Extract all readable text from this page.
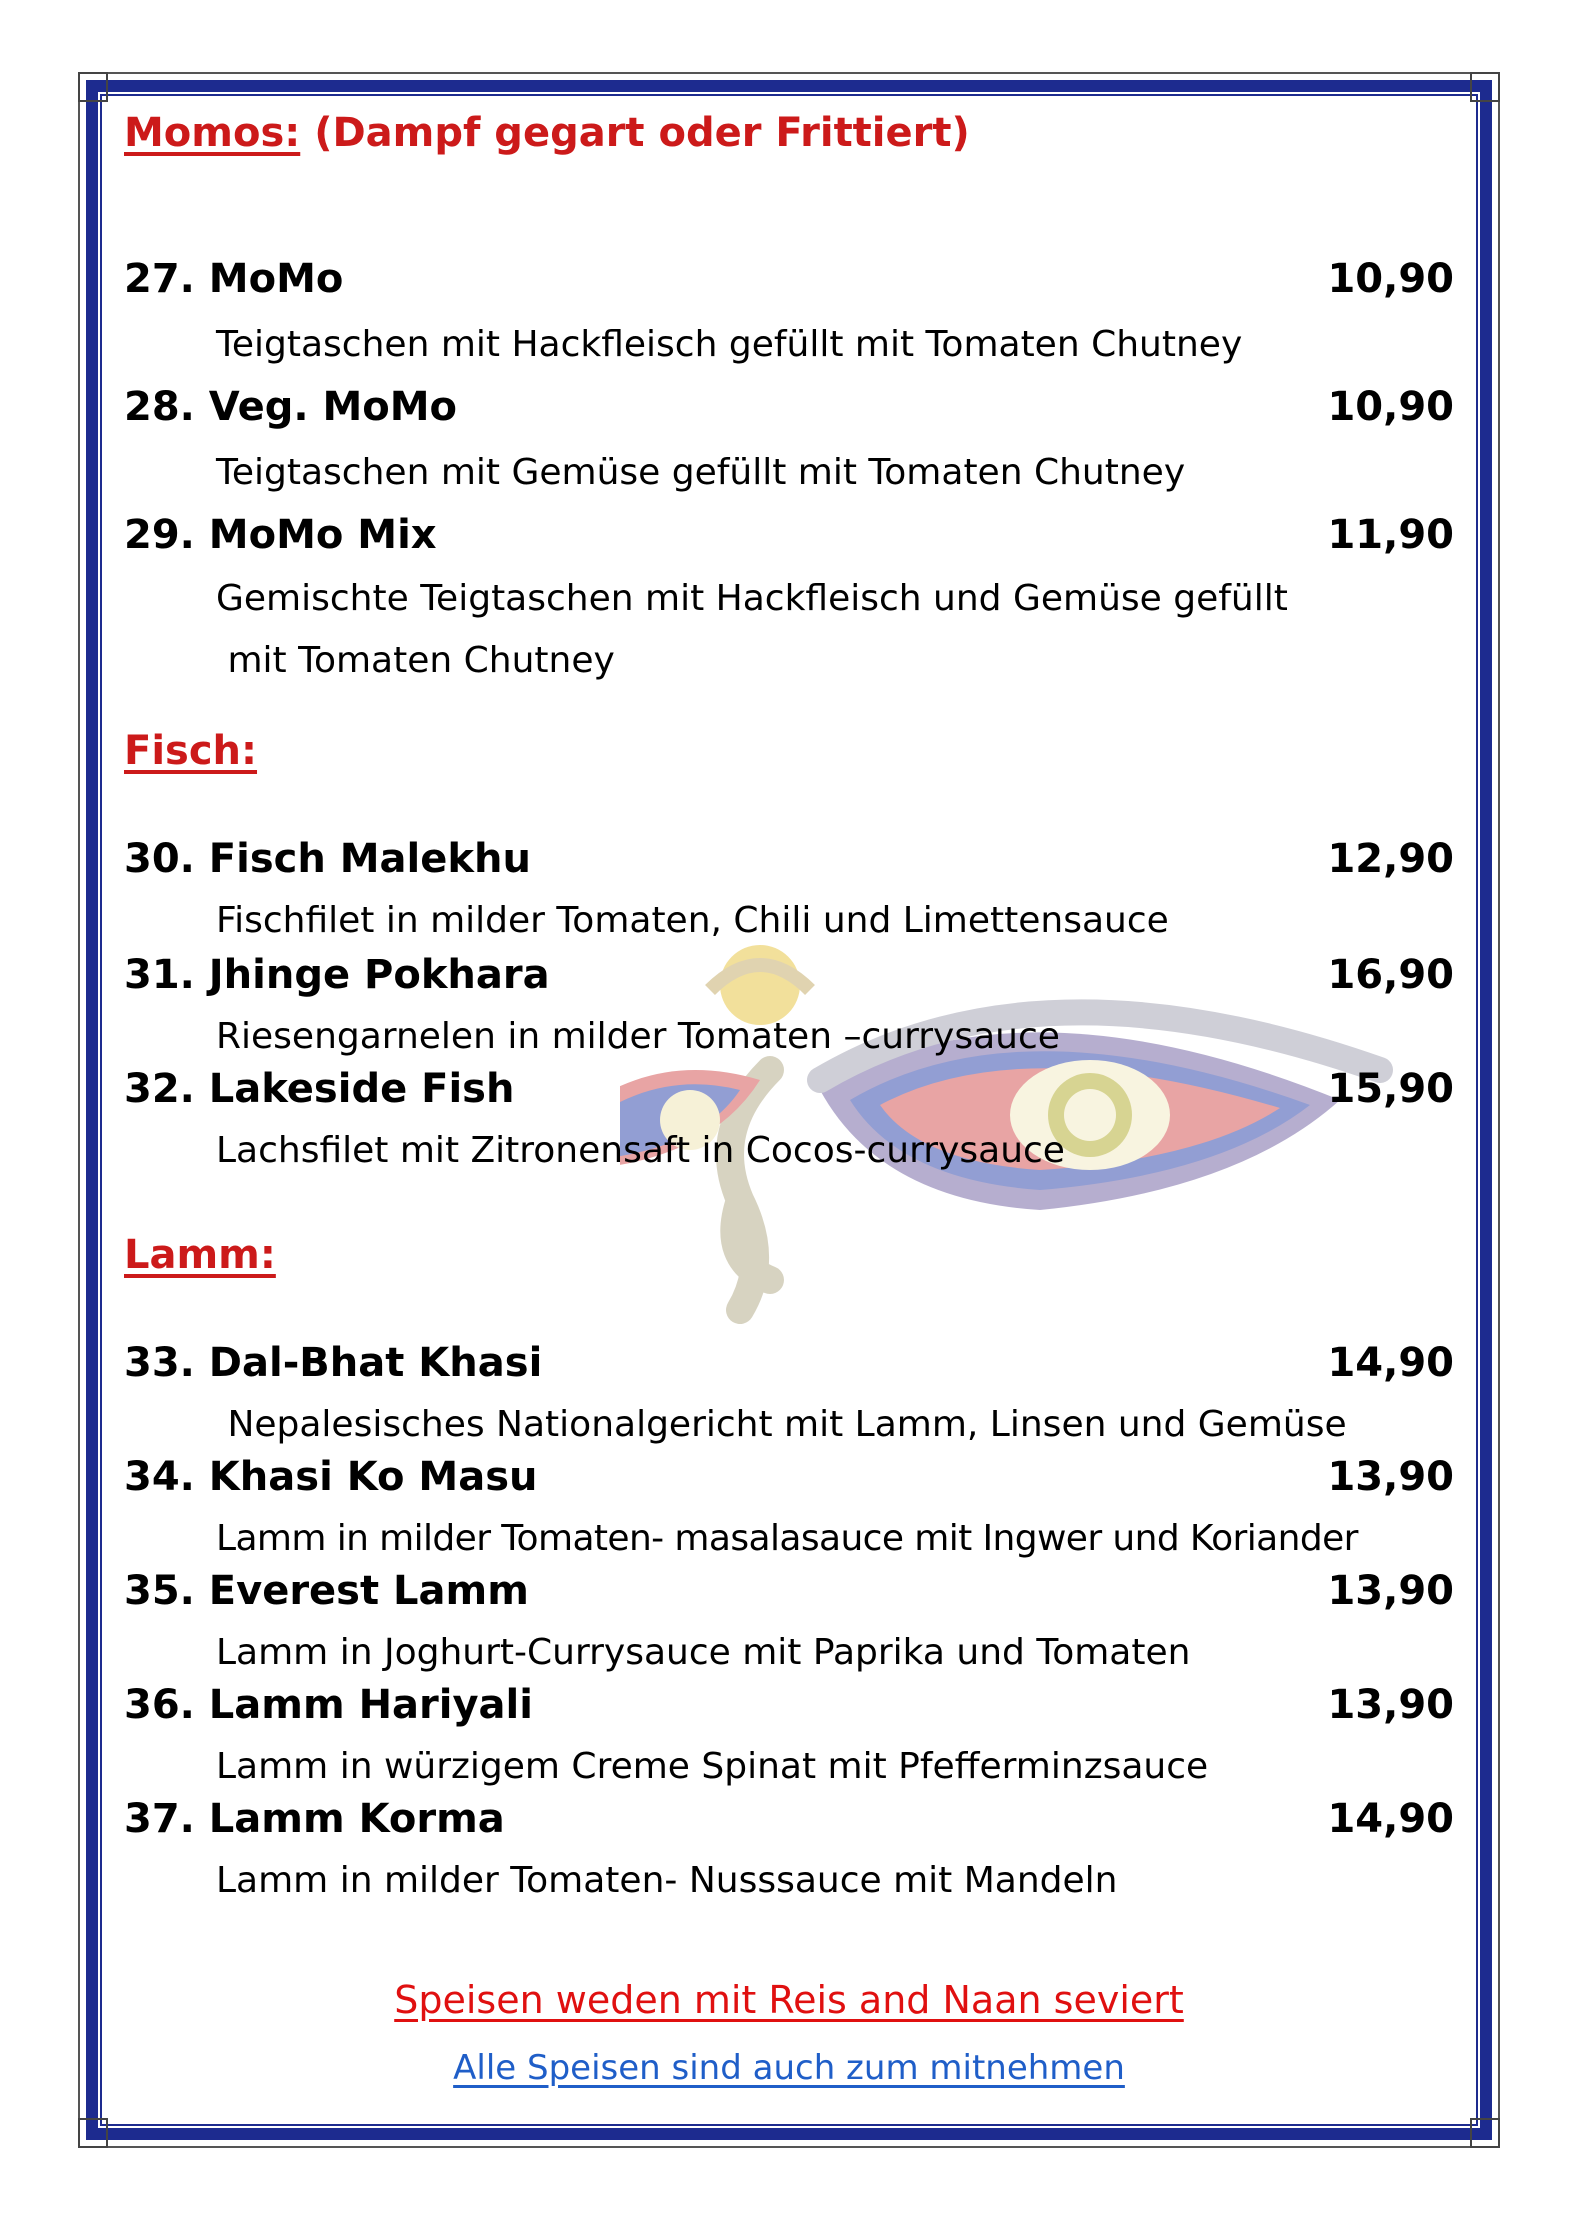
Momos: (Dampf gegart oder Frittiert)
27. MoMo	10,90
Teigtaschen mit Hackfleisch gefüllt mit Tomaten Chutney
28. Veg. MoMo	10,90
Teigtaschen mit Gemüse gefüllt mit Tomaten Chutney
29. MoMo Mix	11,90
Gemischte Teigtaschen mit Hackfleisch und Gemüse gefüllt
mit Tomaten Chutney
Fisch:
30. Fisch Malekhu	12,90
Fischfilet in milder Tomaten, Chili und Limettensauce
31. Jhinge Pokhara	16,90
Riesengarnelen in milder Tomaten –currysauce
32. Lakeside Fish	15,90
Lachsfilet mit Zitronensaft in Cocos-currysauce
Lamm:
33. Dal-Bhat Khasi	14,90
Nepalesisches Nationalgericht mit Lamm, Linsen und Gemüse
34. Khasi Ko Masu	13,90
Lamm in milder Tomaten- masalasauce mit Ingwer und Koriander
35. Everest Lamm	13,90
Lamm in Joghurt-Currysauce mit Paprika und Tomaten
36. Lamm Hariyali	13,90
Lamm in würzigem Creme Spinat mit Pfefferminzsauce
37. Lamm Korma	14,90
Lamm in milder Tomaten- Nusssauce mit Mandeln
Speisen weden mit Reis and Naan seviert
Alle Speisen sind auch zum mitnehmen
